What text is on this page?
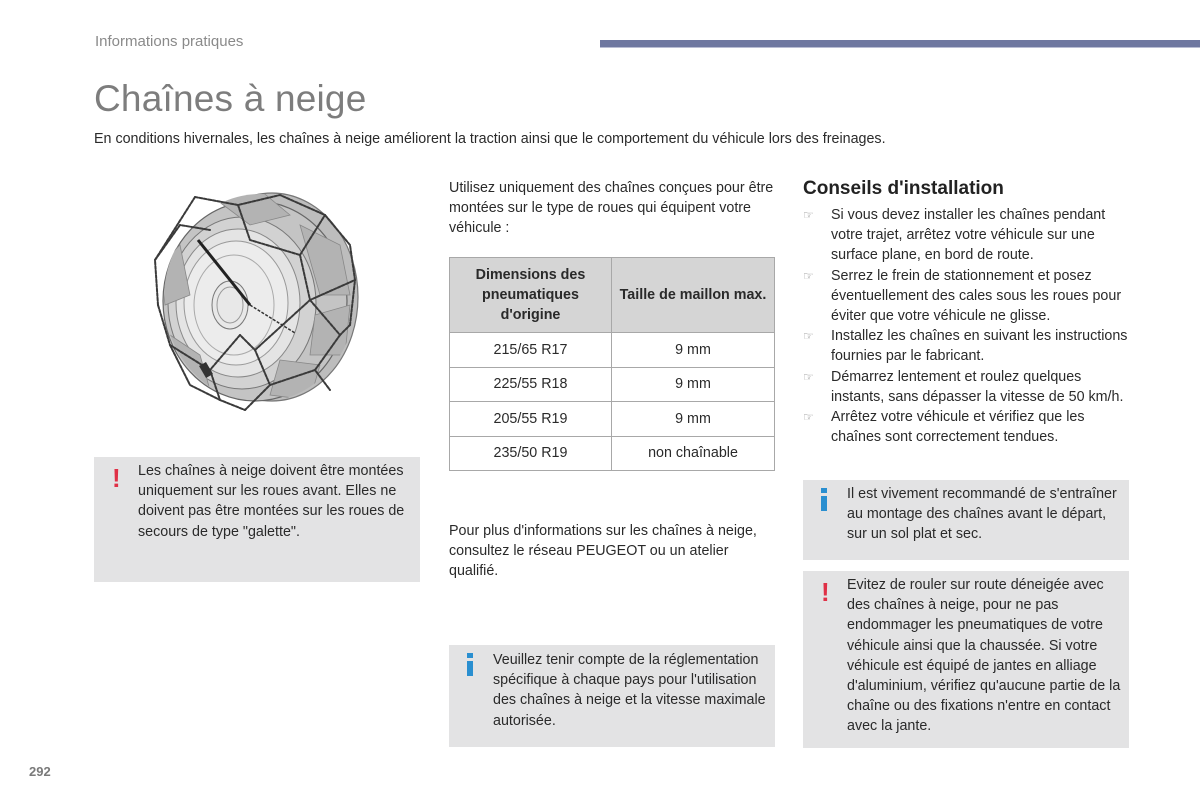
Informations pratiques
Chaînes à neige

En conditions hivernales, les chaînes à neige améliorent la traction ainsi que le comportement du véhicule lors des freinages.

! Les chaînes à neige doivent être montées uniquement sur les roues avant. Elles ne doivent pas être montées sur les roues de secours de type "galette".

Utilisez uniquement des chaînes conçues pour être montées sur le type de roues qui équipent votre véhicule :

Dimensions des pneumatiques d'origine	Taille de maillon max.
215/65 R17	9 mm
225/55 R18	9 mm
205/55 R19	9 mm
235/50 R19	non chaînable

Pour plus d'informations sur les chaînes à neige, consultez le réseau PEUGEOT ou un atelier qualifié.

Veuillez tenir compte de la réglementation spécifique à chaque pays pour l'utilisation des chaînes à neige et la vitesse maximale autorisée.
Conseils d'installation
☞	Si vous devez installer les chaînes pendant votre trajet, arrêtez votre véhicule sur une surface plane, en bord de route.
☞	Serrez le frein de stationnement et posez éventuellement des cales sous les roues pour éviter que votre véhicule ne glisse.
☞	Installez les chaînes en suivant les instructions fournies par le fabricant.
☞	Démarrez lentement et roulez quelques instants, sans dépasser la vitesse de 50 km/h.
☞	Arrêtez votre véhicule et vérifiez que les chaînes sont correctement tendues.
Il est vivement recommandé de s'entraîner au montage des chaînes avant le départ, sur un sol plat et sec.
! Evitez de rouler sur route déneigée avec des chaînes à neige, pour ne pas endommager les pneumatiques de votre véhicule ainsi que la chaussée. Si votre véhicule est équipé de jantes en alliage d'aluminium, vérifiez qu'aucune partie de la chaîne ou des fixations n'entre en contact avec la jante.
292
